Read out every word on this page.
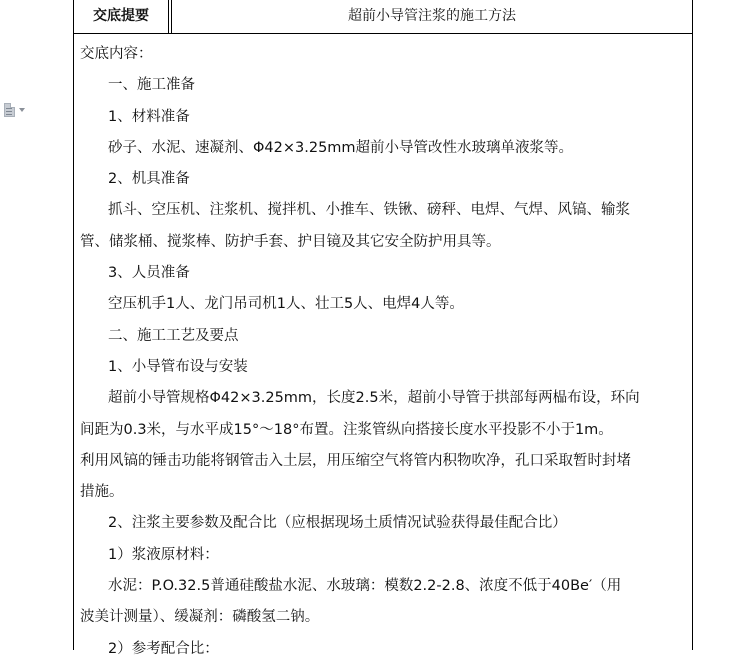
交底提要	超前小导管注浆的施工方法
交底内容：
一、施工准备
1、材料准备
砂子、水泥、速凝剂、Φ42×3.25mm超前小导管改性水玻璃单液浆等。
2、机具准备
抓斗、空压机、注浆机、搅拌机、小推车、铁锹、磅秤、电焊、气焊、风镐、输浆
管、储浆桶、搅浆棒、防护手套、护目镜及其它安全防护用具等。
3、人员准备
空压机手1人、龙门吊司机1人、壮工5人、电焊4人等。
二、施工工艺及要点
1、小导管布设与安装
超前小导管规格Φ42×3.25mm，长度2.5米，超前小导管于拱部每两榀布设，环向
间距为0.3米，与水平成15°～18°布置。注浆管纵向搭接长度水平投影不小于1m。
利用风镐的锤击功能将钢管击入土层，用压缩空气将管内积物吹净，孔口采取暂时封堵
措施。
2、注浆主要参数及配合比（应根据现场土质情况试验获得最佳配合比）
1）浆液原材料：
水泥：P.O.32.5普通硅酸盐水泥、水玻璃：模数2.2-2.8、浓度不低于40Be′（用
波美计测量）、缓凝剂：磷酸氢二钠。
2）参考配合比：
